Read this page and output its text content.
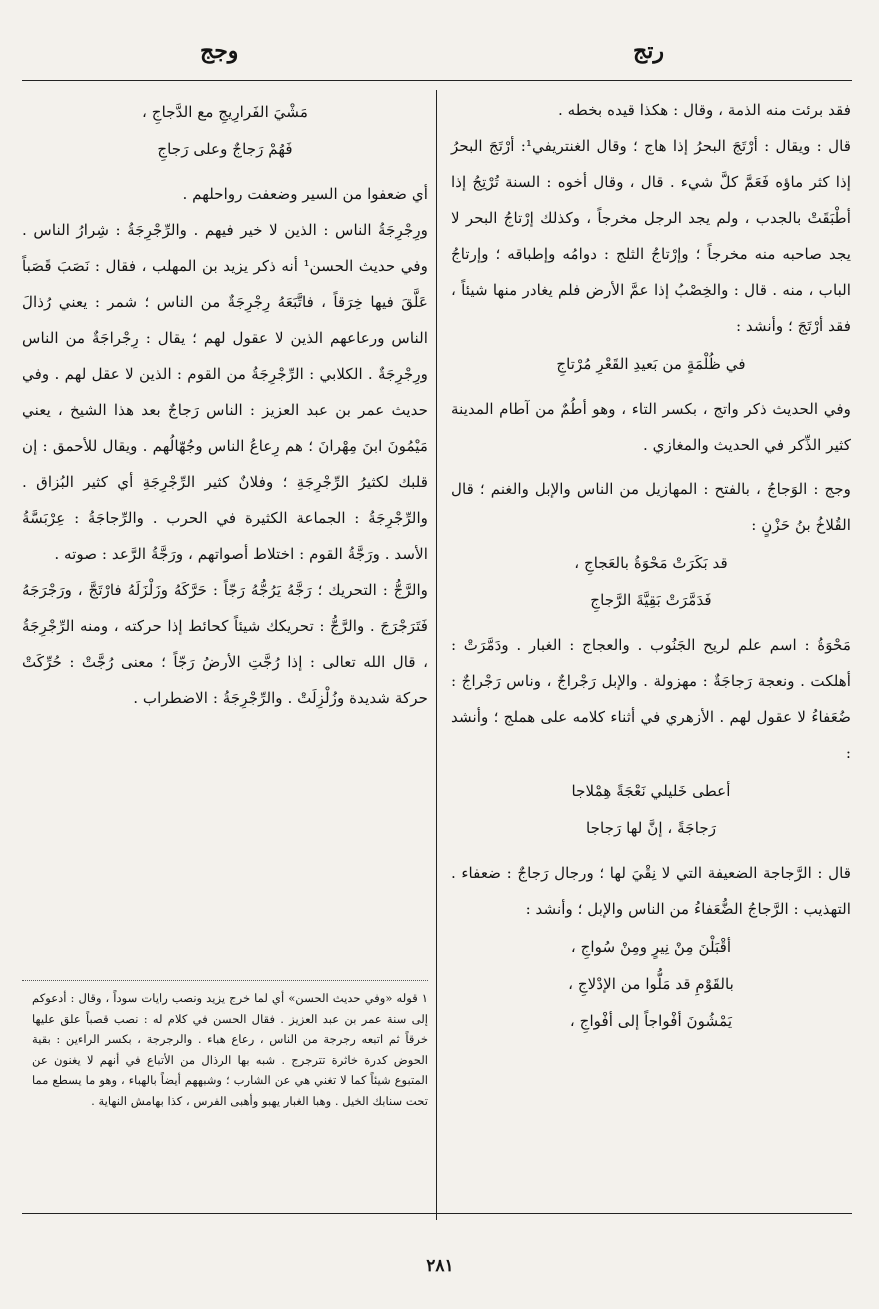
رتج
وجج

فقد برئت منه الذمة ، وقال : هكذا قيده بخطه .

قال : ويقال : أرْتَجَ البحرُ إذا هاج ؛ وقال الغنتريفي¹: أرْتَجَ البحرُ إذا كثر ماؤه فَعَمَّ كلَّ شيء . قال ، وقال أخوه : السنة تُرْتِجُ إذا أطْبَقَتْ بالجدب ، ولم يجد الرجل مخرجاً ، وكذلك إرْتاجُ البحر لا يجد صاحبه منه مخرجاً ؛ وإرْتاجُ الثلج : دوامُه وإطباقه ؛ وإرتاجُ الباب ، منه . قال : والخِصْبُ إذا عمَّ الأرض فلم يغادر منها شيئاً ، فقد أرْتَجَ ؛ وأنشد :

في ظُلْمَةٍ من بَعيدِ القَعْرِ مُرْتاجِ

وفي الحديث ذكر واتج ، بكسر التاء ، وهو أطُمٌ من آطام المدينة كثير الذِّكر في الحديث والمغازي .

وجج : الوَجاجُ ، بالفتح : المهازيل من الناس والإبل والغنم ؛ قال القُلاخُ بنُ حَزْنٍ :

قد بَكَرَتْ مَحْوَةُ بالعَجاجِ ،
فَدَمَّرَتْ بَقِيَّةَ الرَّجاجِ

مَحْوَةُ : اسم علم لريح الجَنُوب . والعجاج : الغبار . ودَمَّرَتْ : أهلكت . ونعجة رَجاجَةٌ : مهزولة . والإبل رَجْراجٌ ، وناس رَجْراجٌ : ضُعَفاءُ لا عقول لهم . الأزهري في أثناء كلامه على هملج ؛ وأنشد :

أعطى خَليلي نَعْجَةً هِمْلاجا
رَجاجَةً ، إنَّ لها رَجاجا

قال : الرَّجاجة الضعيفة التي لا نِقْيَ لها ؛ ورجال رَجاجٌ : ضعفاء . التهذيب : الرَّجاجُ الضُّعَفاءُ من الناس والإبل ؛ وأنشد :

أقْبَلْنَ مِنْ نِيرٍ ومِنْ سُواجِ ،
بالقَوْمِ قد مَلُّوا من الإدْلاجِ ،
يَمْشُونَ أفْواجاً إلى أفْواجِ ،
مَشْيَ الفَرارِيجِ مع الدَّجاجِ ،
فَهُمْ رَجاجٌ وعلى رَجاجِ

أي ضعفوا من السير وضعفت رواحلهم .

ورِجْرِجَةُ الناس : الذين لا خير فيهم . والرِّجْرِجَةُ : شِرارُ الناس . وفي حديث الحسن¹ أنه ذكر يزيد بن المهلب ، فقال : نَصَبَ قَصَباً عَلَّقَ فيها خِرَقاً ، فاتَّبَعَهُ رِجْرِجَةٌ من الناس ؛ شمر : يعني رُذالَ الناس ورعاعهم الذين لا عقول لهم ؛ يقال : رِجْراجَةٌ من الناس ورِجْرِجَةٌ . الكلابي : الرِّجْرِجَةُ من القوم : الذين لا عقل لهم . وفي حديث عمر بن عبد العزيز : الناس رَجاجٌ بعد هذا الشيخ ، يعني مَيْمُونَ ابنَ مِهْرانَ ؛ هم رِعاعُ الناس وجُهّالُهم . ويقال للأحمق : إن قلبك لكثيرُ الرِّجْرِجَةِ ؛ وفلانٌ كثير الرِّجْرِجَةِ أي كثير البُزاق . والرِّجْرِجَةُ : الجماعة الكثيرة في الحرب . والرِّجاجَةُ : عِرْبَسَّةُ الأسد . ورَجَّةُ القوم : اختلاط أصواتهم ، ورَجَّةُ الرَّعد : صوته .

والرَّجُّ : التحريك ؛ رَجَّهُ يَرُجُّهُ رَجّاً : حَرَّكَهُ وزَلْزَلَهُ فارْتَجَّ ، ورَجْرَجَهُ فَتَرَجْرَجَ . والرَّجُّ : تحريكك شيئاً كحائط إذا حركته ، ومنه الرِّجْرِجَةُ ، قال الله تعالى : إذا رُجَّتِ الأرضُ رَجّاً ؛ معنى رُجَّتْ : حُرِّكَتْ حركة شديدة وزُلْزِلَتْ . والرِّجْرِجَةُ : الاضطراب .

١ قوله «وفي حديث الحسن» أي لما خرج يزيد ونصب رايات سوداً ، وقال : أدعوكم إلى سنة عمر بن عبد العزيز . فقال الحسن في كلام له : نصب قصباً علق عليها خرقاً ثم اتبعه رجرجة من الناس ، رعاع هباء . والرجرجة ، بكسر الراءين : بقية الحوض كدرة خاثرة تترجرج . شبه بها الرذال من الأتباع في أنهم لا يغنون عن المتبوع شيئاً كما لا تغني هي عن الشارب ؛ وشبههم أيضاً بالهباء ، وهو ما يسطع مما تحت سنابك الخيل . وهبا الغبار يهبو وأهبى الفرس ، كذا بهامش النهاية .
٢٨١
